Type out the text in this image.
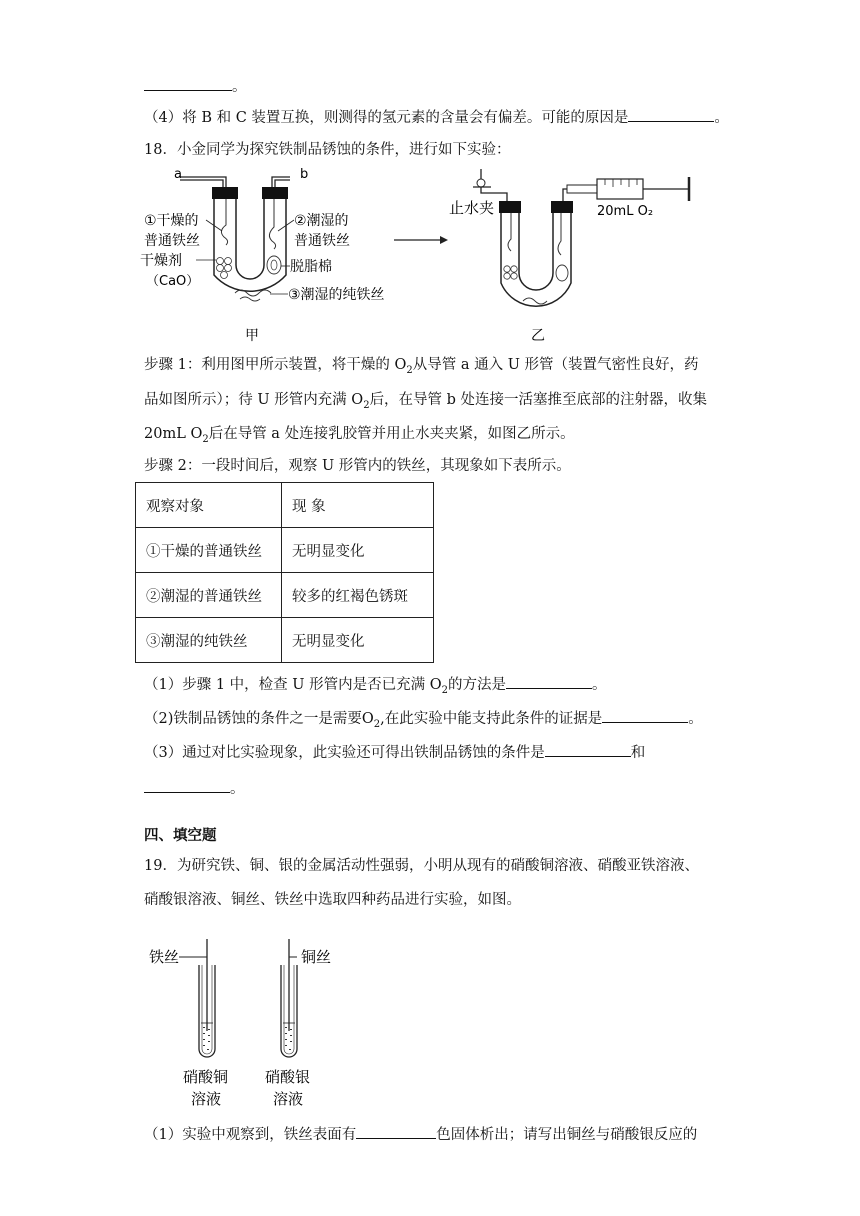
。
（4）将 B 和 C 装置互换，则测得的氢元素的含量会有偏差。可能的原因是	。
18．小金同学为探究铁制品锈蚀的条件，进行如下实验：
a	b
①干燥的
普通铁丝
干燥剂
（CaO）
②潮湿的
普通铁丝
脱脂棉
③潮湿的纯铁丝
甲
止水夹	20mL O₂
乙
步骤 1：利用图甲所示装置，将干燥的 $O_2$从导管 a 通入 U 形管（装置气密性良好，药
品如图所示）；待 U 形管内充满 $O_2$后，在导管 b 处连接一活塞推至底部的注射器，收集
20mL $O_2$后在导管 a 处连接乳胶管并用止水夹夹紧，如图乙所示。
步骤 2：一段时间后，观察 U 形管内的铁丝，其现象如下表所示。
观察对象	现 象
①干燥的普通铁丝	无明显变化
②潮湿的普通铁丝	较多的红褐色锈斑
③潮湿的纯铁丝	无明显变化
（1）步骤 1 中，检查 U 形管内是否已充满 $O_2$的方法是	。
（2)铁制品锈蚀的条件之一是需要$O_2$,在此实验中能支持此条件的证据是	。
（3）通过对比实验现象，此实验还可得出铁制品锈蚀的条件是	和
。
四、填空题
19．为研究铁、铜、银的金属活动性强弱，小明从现有的硝酸铜溶液、硝酸亚铁溶液、
硝酸银溶液、铜丝、铁丝中选取四种药品进行实验，如图。
铁丝	铜丝
硝酸铜
溶液
硝酸银
溶液
（1）实验中观察到，铁丝表面有	色固体析出；请写出铜丝与硝酸银反应的
